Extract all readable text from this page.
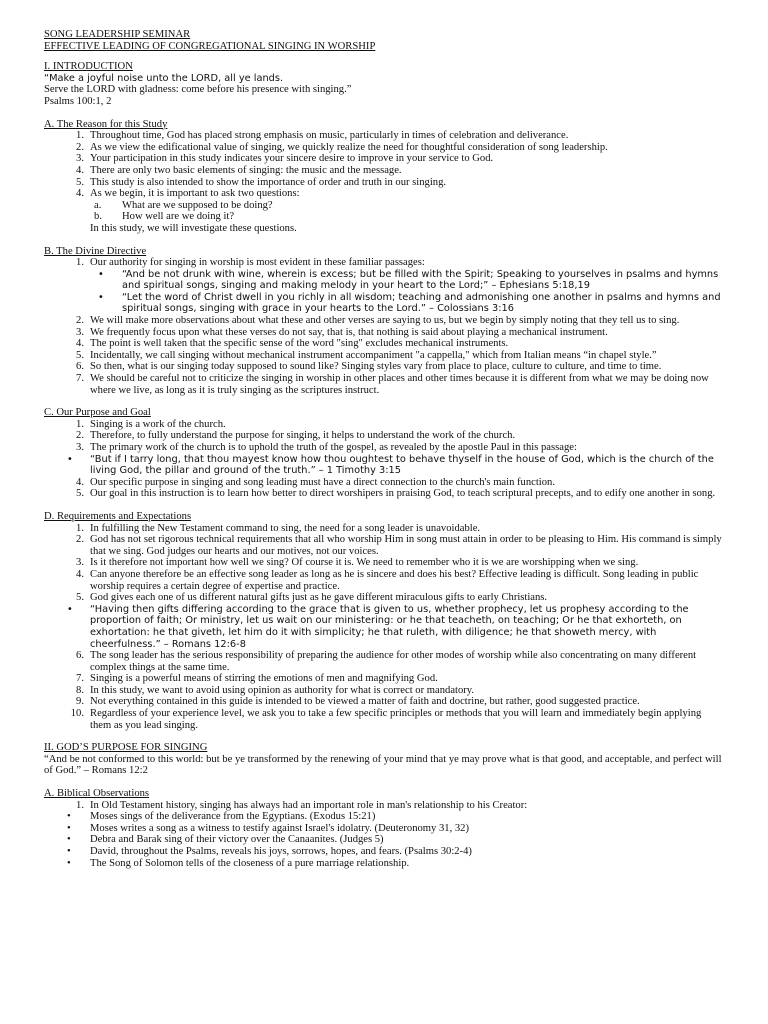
SONG LEADERSHIP SEMINAR

EFFECTIVE LEADING OF CONGREGATIONAL SINGING IN WORSHIP

I. INTRODUCTION

“Make a joyful noise unto the LORD, all ye lands.

Serve the LORD with gladness: come before his presence with singing.”

Psalms 100:1, 2

A. The Reason for this Study

1. Throughout time, God has placed strong emphasis on music, particularly in times of celebration and deliverance.
2. As we view the edificational value of singing, we quickly realize the need for thoughtful consideration of song leadership.
3. Your participation in this study indicates your sincere desire to improve in your service to God.
4. There are only two basic elements of singing: the music and the message.
5. This study is also intended to show the importance of order and truth in our singing.
4. As we begin, it is important to ask two questions:
a.	What are we supposed to be doing?
b.	How well are we doing it?
In this study, we will investigate these questions.

B. The Divine Directive

1. Our authority for singing in worship is most evident in these familiar passages:
• “And be not drunk with wine, wherein is excess; but be filled with the Spirit; Speaking to yourselves in psalms and hymns and spiritual songs, singing and making melody in your heart to the Lord;” – Ephesians 5:18,19
• “Let the word of Christ dwell in you richly in all wisdom; teaching and admonishing one another in psalms and hymns and spiritual songs, singing with grace in your hearts to the Lord.” – Colossians 3:16
2. We will make more observations about what these and other verses are saying to us, but we begin by simply noting that they tell us to sing.
3. We frequently focus upon what these verses do not say, that is, that nothing is said about playing a mechanical instrument.
4. The point is well taken that the specific sense of the word "sing" excludes mechanical instruments.
5. Incidentally, we call singing without mechanical instrument accompaniment "a cappella," which from Italian means “in chapel style.”
6. So then, what is our singing today supposed to sound like? Singing styles vary from place to place, culture to culture, and time to time.
7. We should be careful not to criticize the singing in worship in other places and other times because it is different from what we may be doing now where we live, as long as it is truly singing as the scriptures instruct.

C. Our Purpose and Goal

1. Singing is a work of the church.
2. Therefore, to fully understand the purpose for singing, it helps to understand the work of the church.
3. The primary work of the church is to uphold the truth of the gospel, as revealed by the apostle Paul in this passage:
• “But if I tarry long, that thou mayest know how thou oughtest to behave thyself in the house of God, which is the church of the living God, the pillar and ground of the truth.” – 1 Timothy 3:15
4. Our specific purpose in singing and song leading must have a direct connection to the church's main function.
5. Our goal in this instruction is to learn how better to direct worshipers in praising God, to teach scriptural precepts, and to edify one another in song.

D. Requirements and Expectations

1. In fulfilling the New Testament command to sing, the need for a song leader is unavoidable.
2. God has not set rigorous technical requirements that all who worship Him in song must attain in order to be pleasing to Him. His command is simply that we sing. God judges our hearts and our motives, not our voices.
3. Is it therefore not important how well we sing? Of course it is. We need to remember who it is we are worshipping when we sing.
4. Can anyone therefore be an effective song leader as long as he is sincere and does his best? Effective leading is difficult. Song leading in public worship requires a certain degree of expertise and practice.
5. God gives each one of us different natural gifts just as he gave different miraculous gifts to early Christians.
• “Having then gifts differing according to the grace that is given to us, whether prophecy, let us prophesy according to the proportion of faith; Or ministry, let us wait on our ministering: or he that teacheth, on teaching; Or he that exhorteth, on exhortation: he that giveth, let him do it with simplicity; he that ruleth, with diligence; he that showeth mercy, with cheerfulness.” – Romans 12:6-8
6. The song leader has the serious responsibility of preparing the audience for other modes of worship while also concentrating on many different complex things at the same time.
7. Singing is a powerful means of stirring the emotions of men and magnifying God.
8. In this study, we want to avoid using opinion as authority for what is correct or mandatory.
9. Not everything contained in this guide is intended to be viewed a matter of faith and doctrine, but rather, good suggested practice.
10. Regardless of your experience level, we ask you to take a few specific principles or methods that you will learn and immediately begin applying them as you lead singing.

II. GOD’S PURPOSE FOR SINGING

“And be not conformed to this world: but be ye transformed by the renewing of your mind that ye may prove what is that good, and acceptable, and perfect will of God.” – Romans 12:2

A. Biblical Observations

1. In Old Testament history, singing has always had an important role in man's relationship to his Creator:
• Moses sings of the deliverance from the Egyptians. (Exodus 15:21)
• Moses writes a song as a witness to testify against Israel's idolatry. (Deuteronomy 31, 32)
• Debra and Barak sing of their victory over the Canaanites. (Judges 5)
• David, throughout the Psalms, reveals his joys, sorrows, hopes, and fears. (Psalms 30:2-4)
• The Song of Solomon tells of the closeness of a pure marriage relationship.
